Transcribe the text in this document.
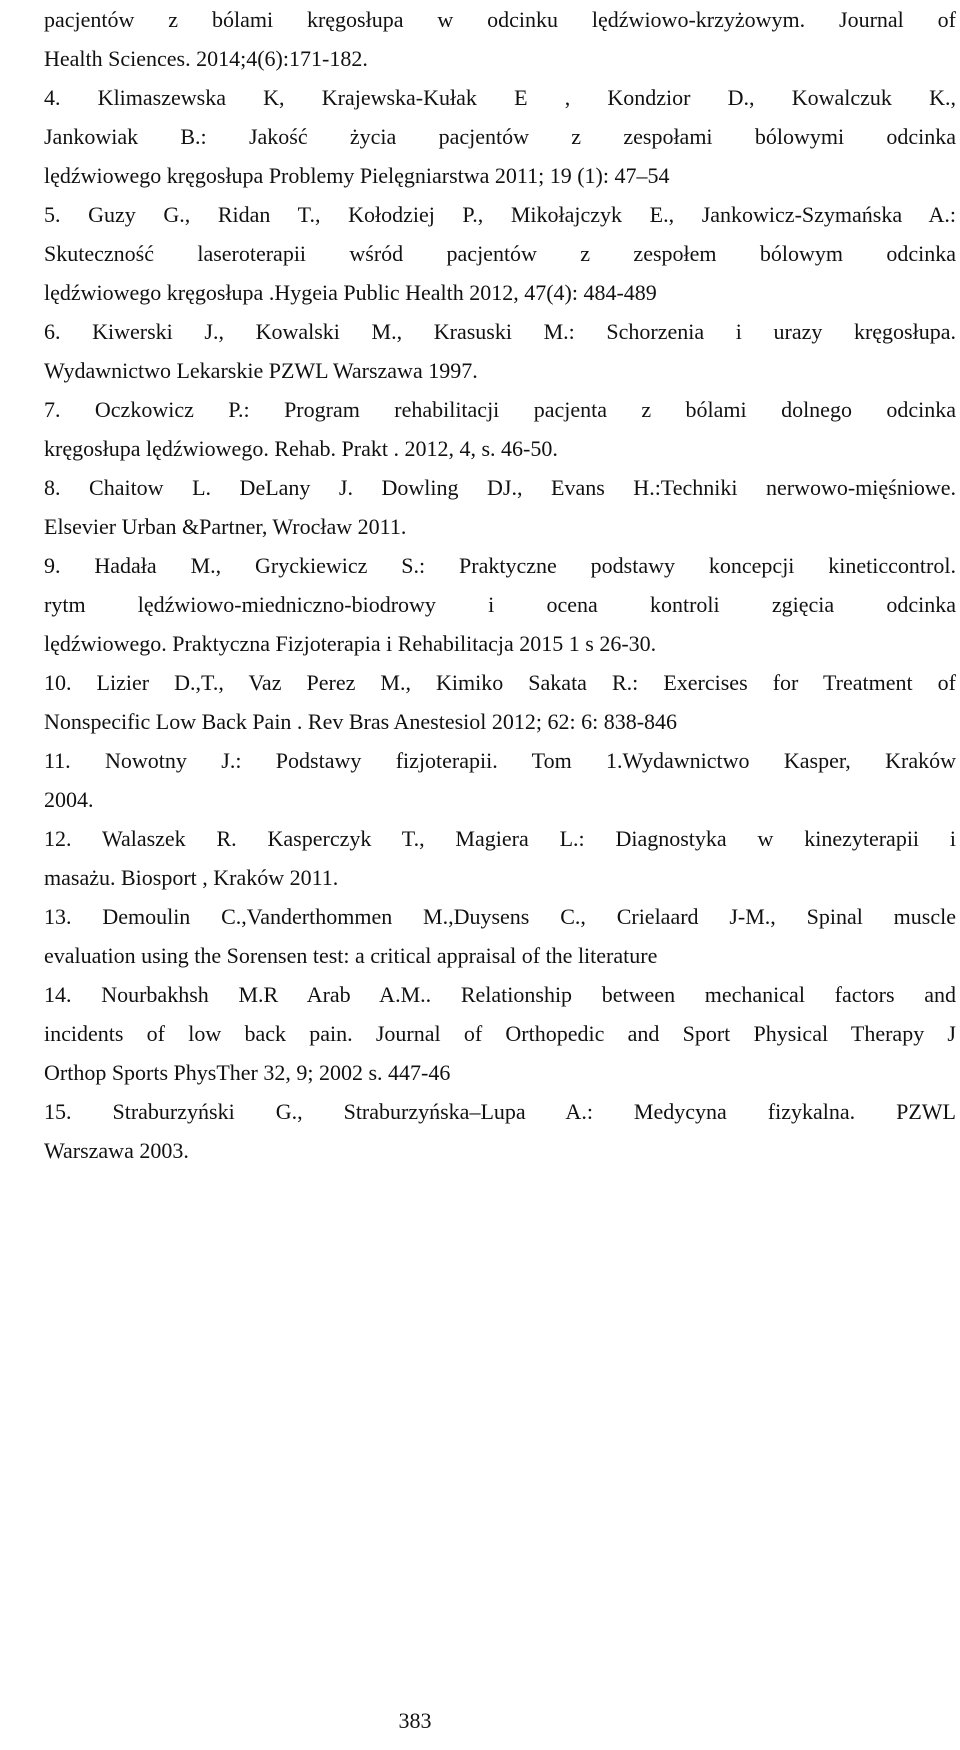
pacjentów z bólami kręgosłupa w odcinku lędźwiowo-krzyżowym. Journal of
Health Sciences. 2014;4(6):171-182.
4. Klimaszewska K, Krajewska-Kułak E , Kondzior D., Kowalczuk K.,
Jankowiak B.: Jakość życia pacjentów z zespołami bólowymi odcinka
lędźwiowego kręgosłupa Problemy Pielęgniarstwa 2011; 19 (1): 47–54
5. Guzy G., Ridan T., Kołodziej P., Mikołajczyk E., Jankowicz-Szymańska A.:
Skuteczność laseroterapii wśród pacjentów z zespołem bólowym odcinka
lędźwiowego kręgosłupa .Hygeia Public Health 2012, 47(4): 484-489
6. Kiwerski J., Kowalski M., Krasuski M.: Schorzenia i urazy kręgosłupa.
Wydawnictwo Lekarskie PZWL Warszawa 1997.
7. Oczkowicz P.: Program rehabilitacji pacjenta z bólami dolnego odcinka
kręgosłupa lędźwiowego. Rehab. Prakt . 2012, 4, s. 46-50.
8. Chaitow L. DeLany J. Dowling DJ., Evans H.:Techniki nerwowo-mięśniowe.
Elsevier Urban &Partner, Wrocław 2011.
9. Hadała M., Gryckiewicz S.: Praktyczne podstawy koncepcji kineticcontrol.
rytm lędźwiowo-miedniczno-biodrowy i ocena kontroli zgięcia odcinka
lędźwiowego. Praktyczna Fizjoterapia i Rehabilitacja 2015 1 s 26-30.
10. Lizier D.,T., Vaz Perez M., Kimiko Sakata R.: Exercises for Treatment of
Nonspecific Low Back Pain . Rev Bras Anestesiol 2012; 62: 6: 838-846
11. Nowotny J.: Podstawy fizjoterapii. Tom 1.Wydawnictwo Kasper, Kraków
2004.
12. Walaszek R. Kasperczyk T., Magiera L.: Diagnostyka w kinezyterapii i
masażu. Biosport , Kraków 2011.
13. Demoulin C.,Vanderthommen M.,Duysens C., Crielaard J-M., Spinal muscle
evaluation using the Sorensen test: a critical appraisal of the literature
14. Nourbakhsh M.R Arab A.M.. Relationship between mechanical factors and
incidents of low back pain. Journal of Orthopedic and Sport Physical Therapy J
Orthop Sports PhysTher 32, 9; 2002 s. 447-46
15. Straburzyński G., Straburzyńska–Lupa A.: Medycyna fizykalna. PZWL
Warszawa 2003.
383
